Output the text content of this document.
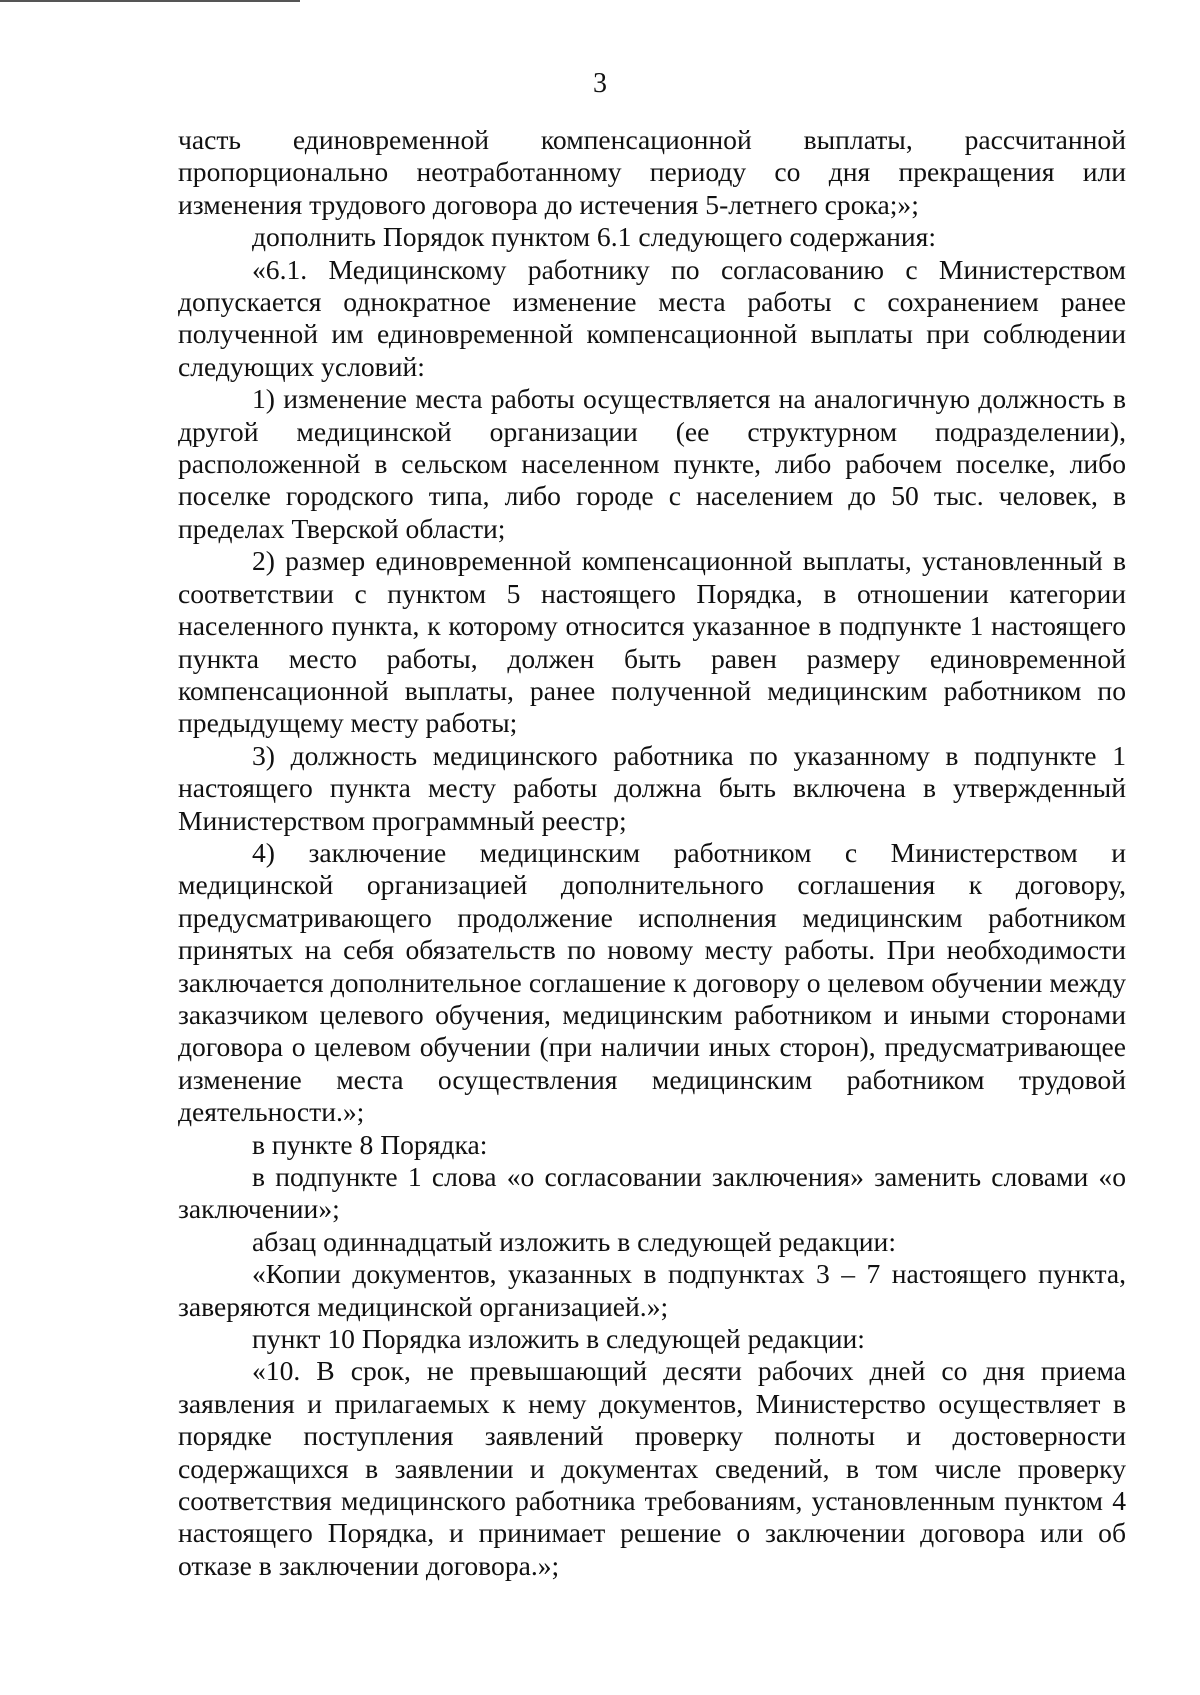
3

часть единовременной компенсационной выплаты, рассчитанной пропорционально неотработанному периоду со дня прекращения или изменения трудового договора до истечения 5-летнего срока;»;

дополнить Порядок пунктом 6.1 следующего содержания:

«6.1. Медицинскому работнику по согласованию с Министерством допускается однократное изменение места работы с сохранением ранее полученной им единовременной компенсационной выплаты при соблюдении следующих условий:

1) изменение места работы осуществляется на аналогичную должность в другой медицинской организации (ее структурном подразделении), расположенной в сельском населенном пункте, либо рабочем поселке, либо поселке городского типа, либо городе с населением до 50 тыс. человек, в пределах Тверской области;

2) размер единовременной компенсационной выплаты, установленный в соответствии с пунктом 5 настоящего Порядка, в отношении категории населенного пункта, к которому относится указанное в подпункте 1 настоящего пункта место работы, должен быть равен размеру единовременной компенсационной выплаты, ранее полученной медицинским работником по предыдущему месту работы;

3) должность медицинского работника по указанному в подпункте 1 настоящего пункта месту работы должна быть включена в утвержденный Министерством программный реестр;

4) заключение медицинским работником с Министерством и медицинской организацией дополнительного соглашения к договору, предусматривающего продолжение исполнения медицинским работником принятых на себя обязательств по новому месту работы. При необходимости заключается дополнительное соглашение к договору о целевом обучении между заказчиком целевого обучения, медицинским работником и иными сторонами договора о целевом обучении (при наличии иных сторон), предусматривающее изменение места осуществления медицинским работником трудовой деятельности.»;

в пункте 8 Порядка:

в подпункте 1 слова «о согласовании заключения» заменить словами «о заключении»;

абзац одиннадцатый изложить в следующей редакции:

«Копии документов, указанных в подпунктах 3 – 7 настоящего пункта, заверяются медицинской организацией.»;

пункт 10 Порядка изложить в следующей редакции:

«10. В срок, не превышающий десяти рабочих дней со дня приема заявления и прилагаемых к нему документов, Министерство осуществляет в порядке поступления заявлений проверку полноты и достоверности содержащихся в заявлении и документах сведений, в том числе проверку соответствия медицинского работника требованиям, установленным пунктом 4 настоящего Порядка, и принимает решение о заключении договора или об отказе в заключении договора.»;
